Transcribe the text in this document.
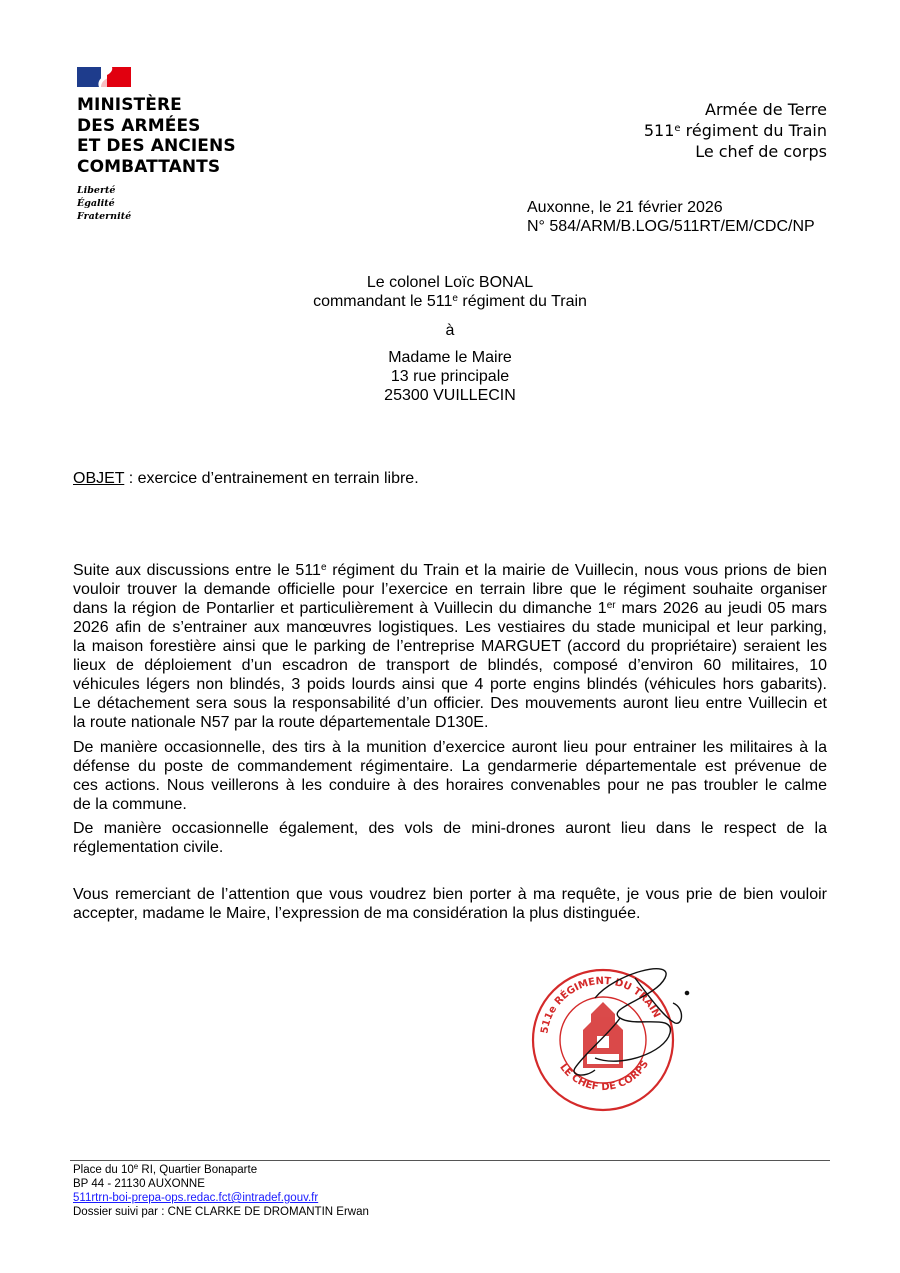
MINISTÈRE
DES ARMÉES
ET DES ANCIENS
COMBATTANTS
Liberté
Égalité
Fraternité
Armée de Terre
511e régiment du Train
Le chef de corps
Auxonne, le 21 février 2026
N° 584/ARM/B.LOG/511RT/EM/CDC/NP
Le colonel Loïc BONAL
commandant le 511e régiment du Train
à
Madame le Maire
13 rue principale
25300 VUILLECIN
OBJET : exercice d’entrainement en terrain libre.
Suite aux discussions entre le 511e régiment du Train et la mairie de Vuillecin, nous vous prions de bien
vouloir trouver la demande officielle pour l’exercice en terrain libre que le régiment souhaite organiser
dans la région de Pontarlier et particulièrement à Vuillecin du dimanche 1er mars 2026 au jeudi 05 mars
2026 afin de s’entrainer aux manœuvres logistiques. Les vestiaires du stade municipal et leur parking,
la maison forestière ainsi que le parking de l’entreprise MARGUET (accord du propriétaire) seraient les
lieux de déploiement d’un escadron de transport de blindés, composé d’environ 60 militaires, 10
véhicules légers non blindés, 3 poids lourds ainsi que 4 porte engins blindés (véhicules hors gabarits).
Le détachement sera sous la responsabilité d’un officier. Des mouvements auront lieu entre Vuillecin et
la route nationale N57 par la route départementale D130E.
De manière occasionnelle, des tirs à la munition d’exercice auront lieu pour entrainer les militaires à la
défense du poste de commandement régimentaire. La gendarmerie départementale est prévenue de
ces actions. Nous veillerons à les conduire à des horaires convenables pour ne pas troubler le calme
de la commune.
De manière occasionnelle également, des vols de mini-drones auront lieu dans le respect de la
réglementation civile.
Vous remerciant de l’attention que vous voudrez bien porter à ma requête, je vous prie de bien vouloir
accepter, madame le Maire, l’expression de ma considération la plus distinguée.
511e RÉGIMENT DU TRAIN
LE CHEF DE CORPS
Place du 10e RI, Quartier Bonaparte
BP 44 - 21130 AUXONNE
511rtrn-boi-prepa-ops.redac.fct@intradef.gouv.fr
Dossier suivi par : CNE CLARKE DE DROMANTIN Erwan
